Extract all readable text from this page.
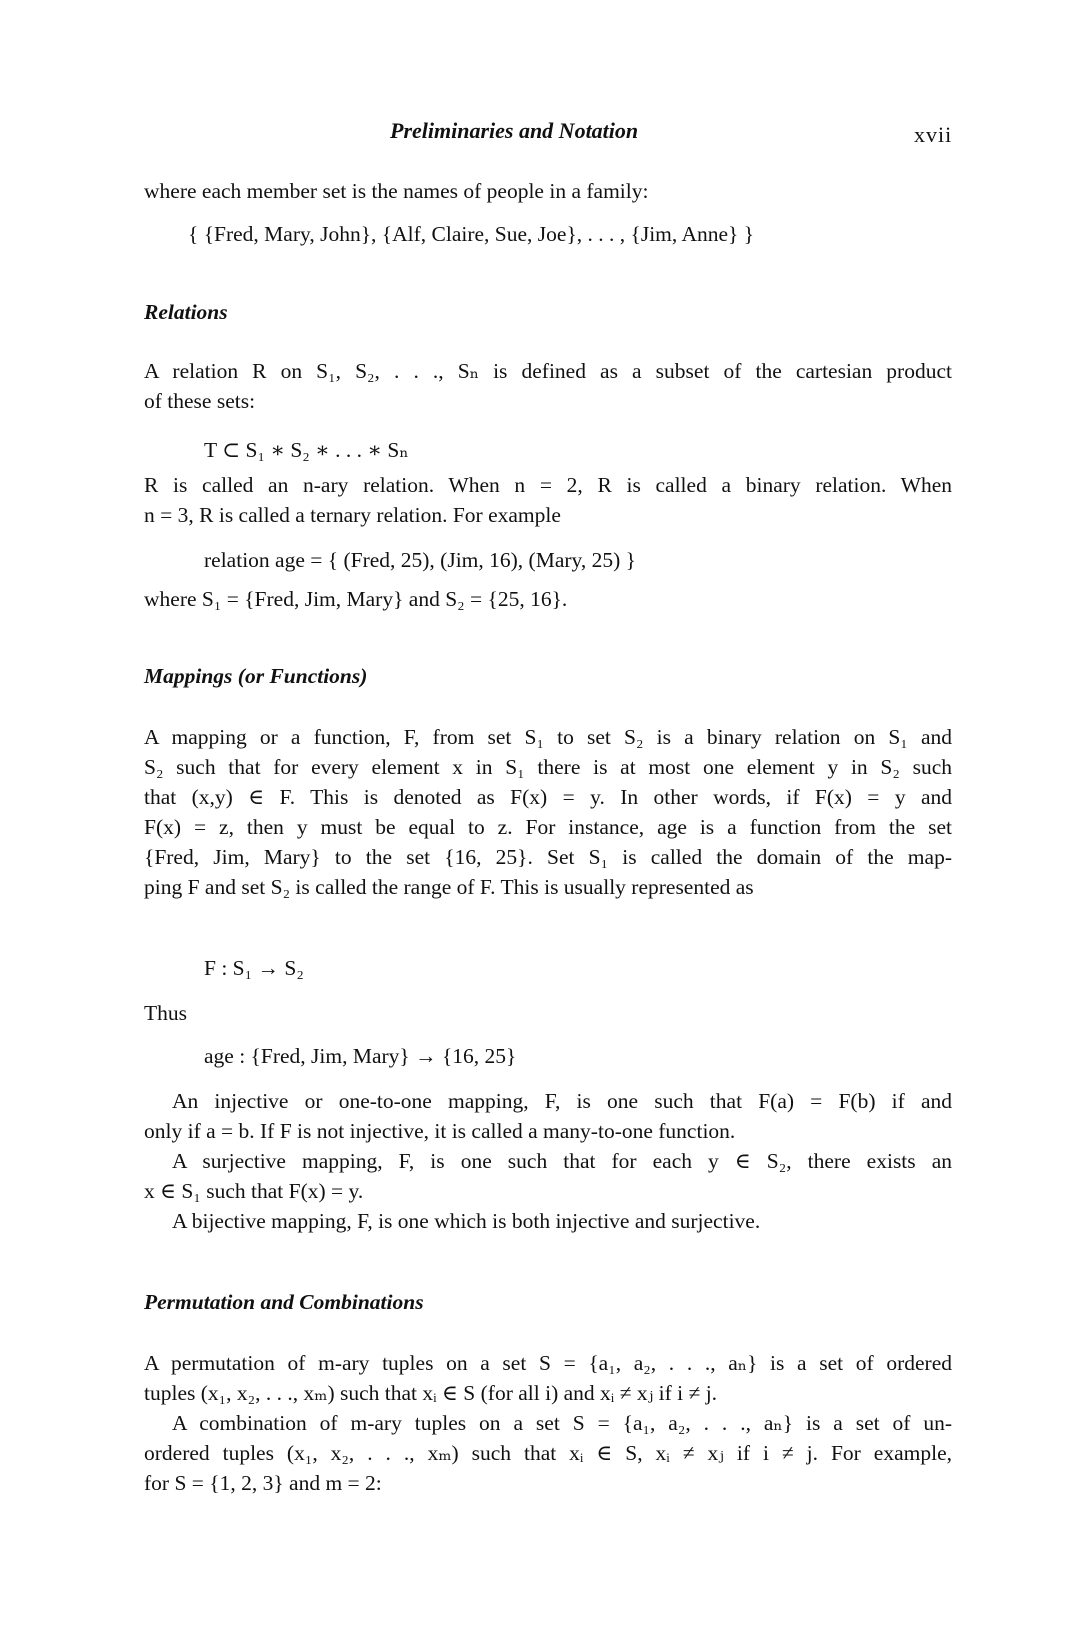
Preliminaries and Notation	xvii

where each member set is the names of people in a family:

{ {Fred, Mary, John}, {Alf, Claire, Sue, Joe}, . . . , {Jim, Anne} }

Relations

A relation R on S₁, S₂, . . ., Sₙ is defined as a subset of the cartesian product

of these sets:

T ⊂ S₁ ∗ S₂ ∗ . . . ∗ Sₙ

R is called an n-ary relation. When n = 2, R is called a binary relation. When

n = 3, R is called a ternary relation. For example

relation age = { (Fred, 25), (Jim, 16), (Mary, 25) }

where S₁ = {Fred, Jim, Mary} and S₂ = {25, 16}.

Mappings (or Functions)

A mapping or a function, F, from set S₁ to set S₂ is a binary relation on S₁ and

S₂ such that for every element x in S₁ there is at most one element y in S₂ such

that (x,y) ∈ F. This is denoted as F(x) = y. In other words, if F(x) = y and

F(x) = z, then y must be equal to z. For instance, age is a function from the set

{Fred, Jim, Mary} to the set {16, 25}. Set S₁ is called the domain of the map-

ping F and set S₂ is called the range of F. This is usually represented as

F : S₁ → S₂

Thus

age : {Fred, Jim, Mary} → {16, 25}

An injective or one-to-one mapping, F, is one such that F(a) = F(b) if and

only if a = b. If F is not injective, it is called a many-to-one function.

A surjective mapping, F, is one such that for each y ∈ S₂, there exists an

x ∈ S₁ such that F(x) = y.

A bijective mapping, F, is one which is both injective and surjective.

Permutation and Combinations

A permutation of m-ary tuples on a set S = {a₁, a₂, . . ., aₙ} is a set of ordered

tuples (x₁, x₂, . . ., xₘ) such that xᵢ ∈ S (for all i) and xᵢ ≠ xⱼ if i ≠ j.

A combination of m-ary tuples on a set S = {a₁, a₂, . . ., aₙ} is a set of un-

ordered tuples (x₁, x₂, . . ., xₘ) such that xᵢ ∈ S, xᵢ ≠ xⱼ if i ≠ j. For example,

for S = {1, 2, 3} and m = 2:
